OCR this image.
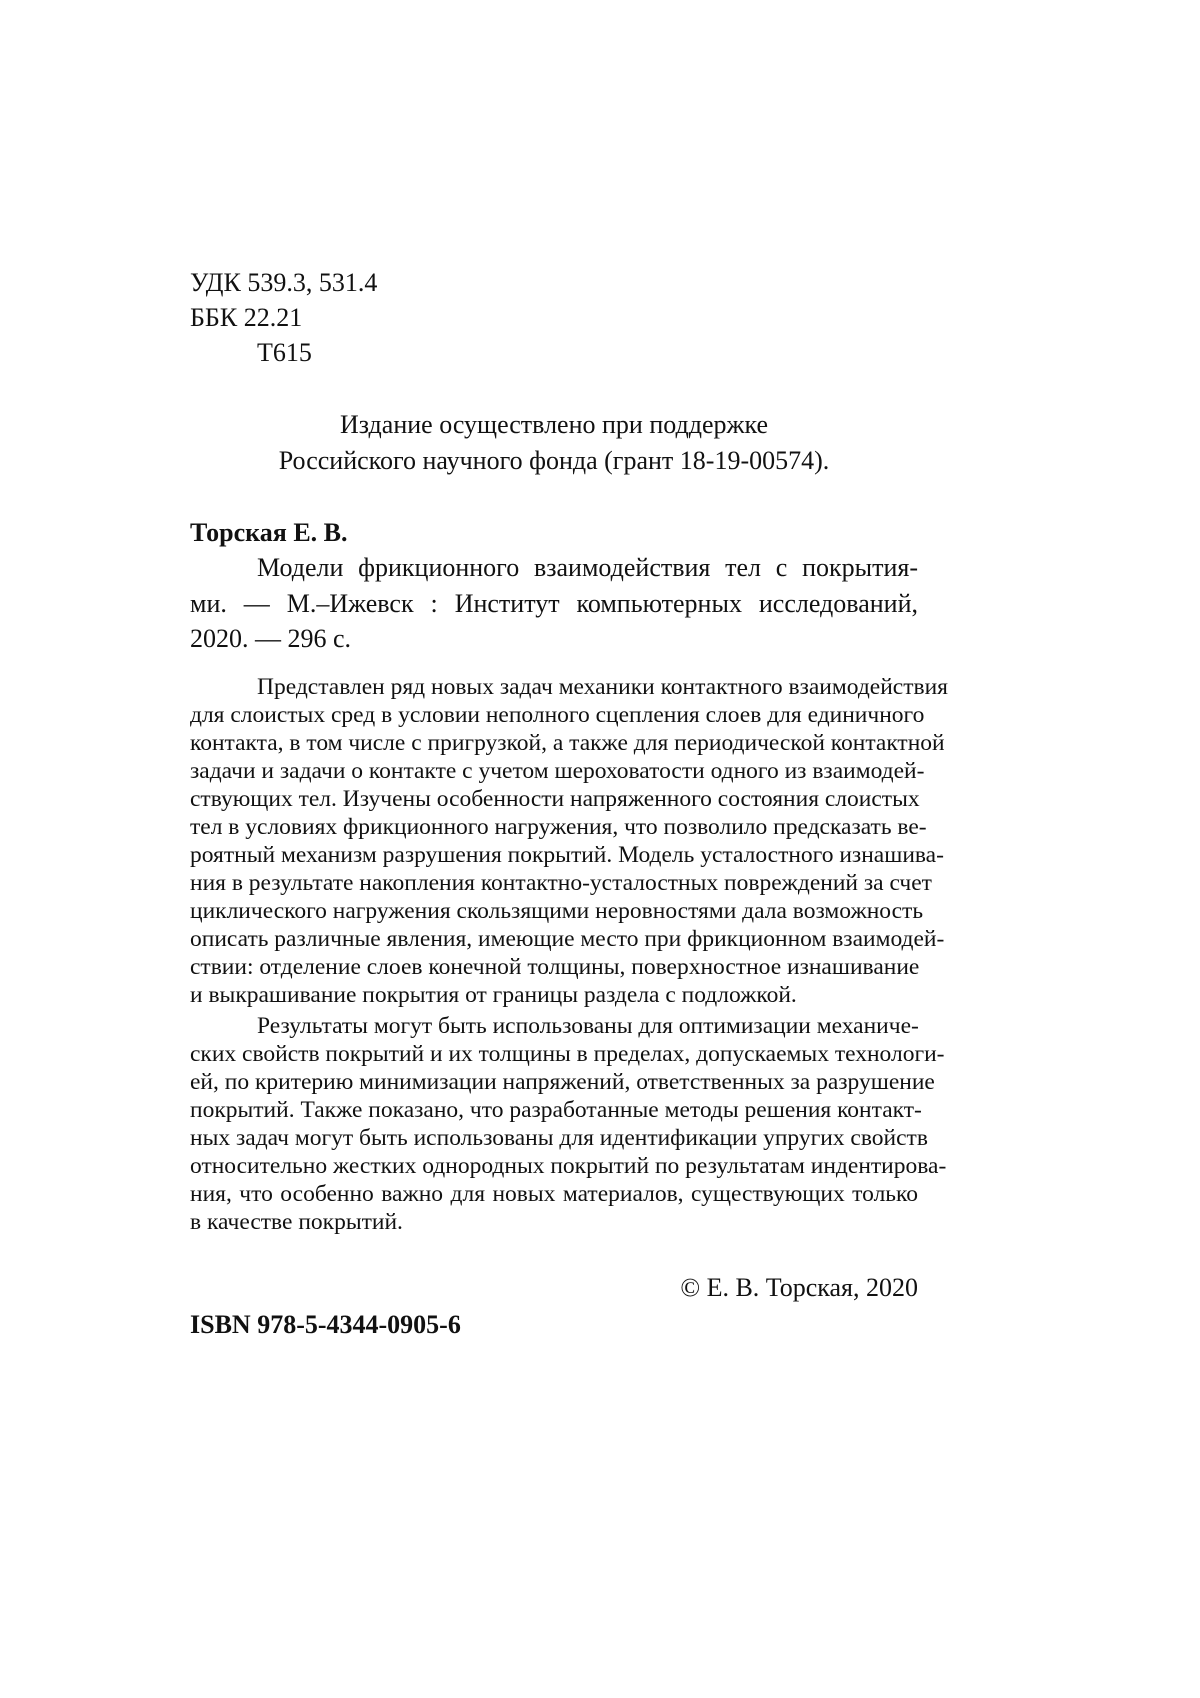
УДК 539.3, 531.4
ББК 22.21
Т615
Издание осуществлено при поддержке
Российского научного фонда (грант 18-19-00574).
Торская Е. В.
Модели фрикционного взаимодействия тел с покрытия-
ми. — М.–Ижевск : Институт компьютерных исследований,
2020. — 296 с.
Представлен ряд новых задач механики контактного взаимодействия
для слоистых сред в условии неполного сцепления слоев для единичного
контакта, в том числе с пригрузкой, а также для периодической контактной
задачи и задачи о контакте с учетом шероховатости одного из взаимодей-
ствующих тел. Изучены особенности напряженного состояния слоистых
тел в условиях фрикционного нагружения, что позволило предсказать ве-
роятный механизм разрушения покрытий. Модель усталостного изнашива-
ния в результате накопления контактно-усталостных повреждений за счет
циклического нагружения скользящими неровностями дала возможность
описать различные явления, имеющие место при фрикционном взаимодей-
ствии: отделение слоев конечной толщины, поверхностное изнашивание
и выкрашивание покрытия от границы раздела с подложкой.
Результаты могут быть использованы для оптимизации механиче-
ских свойств покрытий и их толщины в пределах, допускаемых технологи-
ей, по критерию минимизации напряжений, ответственных за разрушение
покрытий. Также показано, что разработанные методы решения контакт-
ных задач могут быть использованы для идентификации упругих свойств
относительно жестких однородных покрытий по результатам индентирова-
ния, что особенно важно для новых материалов, существующих только
в качестве покрытий.
© Е. В. Торская, 2020
ISBN 978-5-4344-0905-6
